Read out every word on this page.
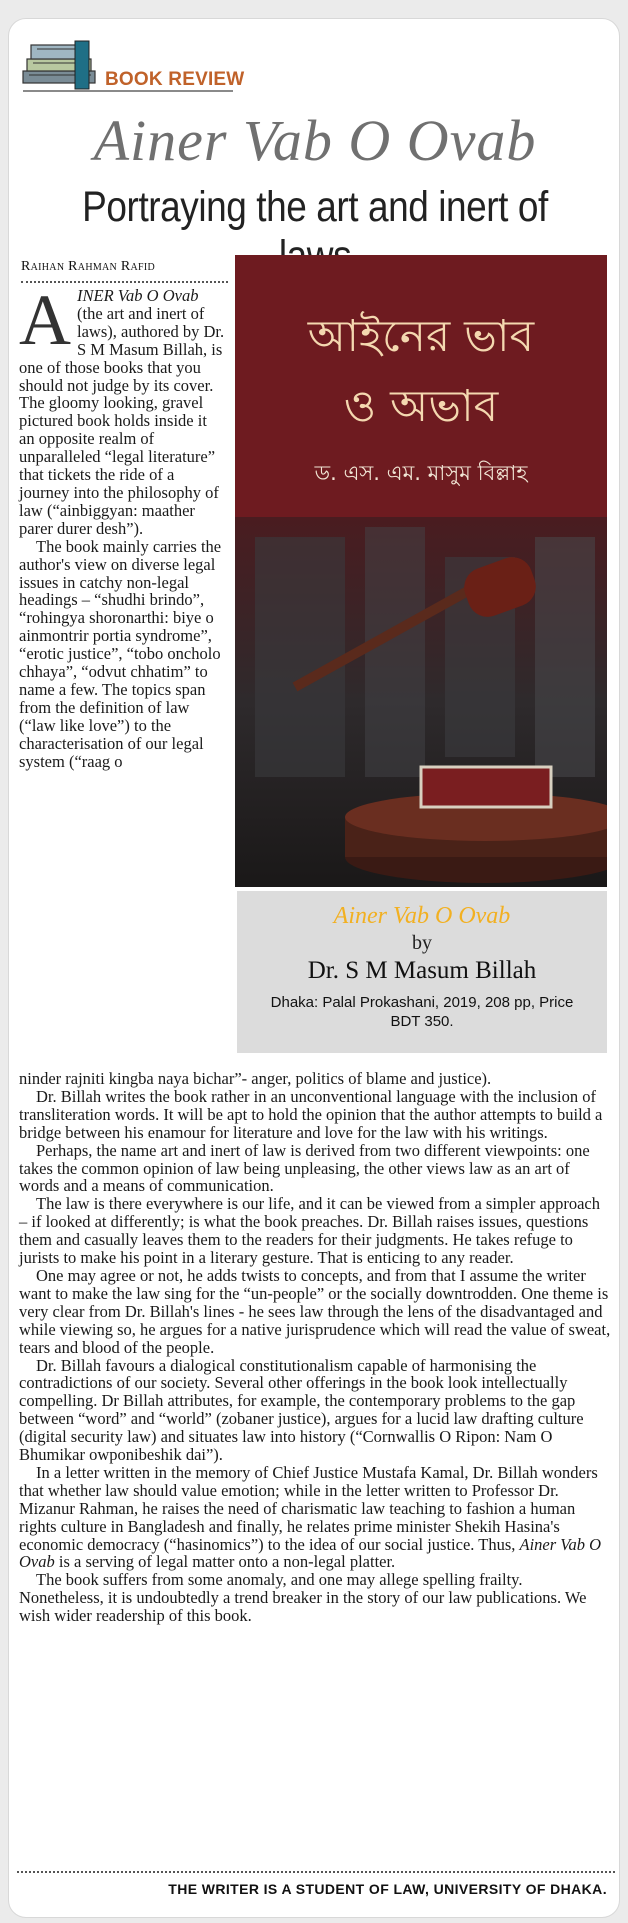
BOOK REVIEW
Ainer Vab O Ovab
Portraying the art and inert of
Raihan Rahman Rafid
আইনের ভাব
ও অভাব
ড. এস. এম. মাসুম বিল্লাহ
Ainer Vab O Ovab
by
Dr. S M Masum Billah
Dhaka: Palal Prokashani, 2019, 208 pp, Price BDT 350.

AINER Vab O Ovab (the art and inert of laws), authored by Dr. S M Masum Billah, is one of those books that you should not judge by its cover. The gloomy looking, gravel pictured book holds inside it an opposite realm of unparalleled “legal literature” that tickets the ride of a journey into the philosophy of law (“ainbiggyan: maather parer durer desh”).

The book mainly carries the author's view on diverse legal issues in catchy non-legal headings – “shudhi brindo”, “rohingya shoronarthi: biye o ainmontrir portia syndrome”, “erotic justice”, “tobo oncholo chhaya”, “odvut chhatim” to name a few. The topics span from the definition of law (“law like love”) to the characterisation of our legal system (“raag o

ninder rajniti kingba naya bichar”- anger, politics of blame and justice).

Dr. Billah writes the book rather in an unconventional language with the inclusion of transliteration words. It will be apt to hold the opinion that the author attempts to build a bridge between his enamour for literature and love for the law with his writings.

Perhaps, the name art and inert of law is derived from two different viewpoints: one takes the common opinion of law being unpleasing, the other views law as an art of words and a means of communication.

The law is there everywhere is our life, and it can be viewed from a simpler approach – if looked at differently; is what the book preaches. Dr. Billah raises issues, questions them and casually leaves them to the readers for their judgments. He takes refuge to jurists to make his point in a literary gesture. That is enticing to any reader.

One may agree or not, he adds twists to concepts, and from that I assume the writer want to make the law sing for the “un-people” or the socially downtrodden. One theme is very clear from Dr. Billah's lines - he sees law through the lens of the disadvantaged and while viewing so, he argues for a native jurisprudence which will read the value of sweat, tears and blood of the people.

Dr. Billah favours a dialogical constitutionalism capable of harmonising the contradictions of our society. Several other offerings in the book look intellectually compelling. Dr Billah attributes, for example, the contemporary problems to the gap between “word” and “world” (zobaner justice), argues for a lucid law drafting culture (digital security law) and situates law into history (“Cornwallis O Ripon: Nam O Bhumikar owponibeshik dai”).

In a letter written in the memory of Chief Justice Mustafa Kamal, Dr. Billah wonders that whether law should value emotion; while in the letter written to Professor Dr. Mizanur Rahman, he raises the need of charismatic law teaching to fashion a human rights culture in Bangladesh and finally, he relates prime minister Shekih Hasina's economic democracy (“hasinomics”) to the idea of our social justice. Thus, Ainer Vab O Ovab is a serving of legal matter onto a non-legal platter.

The book suffers from some anomaly, and one may allege spelling frailty. Nonetheless, it is undoubtedly a trend breaker in the story of our law publications. We wish wider readership of this book.

THE WRITER IS A STUDENT OF LAW, UNIVERSITY OF DHAKA.
